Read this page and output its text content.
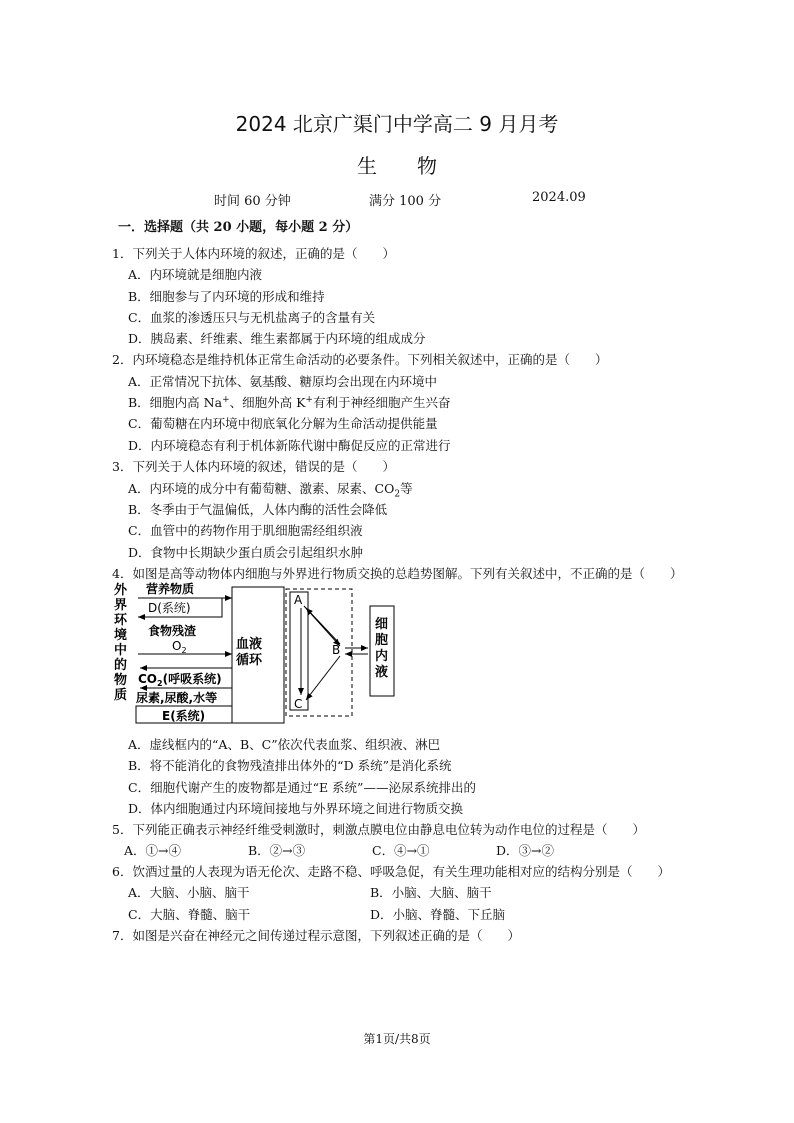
2024 北京广渠门中学高二 9 月月考
生物
时间 60 分钟	满分 100 分	2024.09
一．选择题（共 20 小题，每小题 2 分）
1．下列关于人体内环境的叙述，正确的是（　　）
A．内环境就是细胞内液
B．细胞参与了内环境的形成和维持
C．血浆的渗透压只与无机盐离子的含量有关
D．胰岛素、纤维素、维生素都属于内环境的组成成分
2．内环境稳态是维持机体正常生命活动的必要条件。下列相关叙述中，正确的是（　　）
A．正常情况下抗体、氨基酸、糖原均会出现在内环境中
B．细胞内高 Na+、细胞外高 K+有利于神经细胞产生兴奋
C．葡萄糖在内环境中彻底氧化分解为生命活动提供能量
D．内环境稳态有利于机体新陈代谢中酶促反应的正常进行
3．下列关于人体内环境的叙述，错误的是（　　）
A．内环境的成分中有葡萄糖、激素、尿素、$CO_2$等
B．冬季由于气温偏低，人体内酶的活性会降低
C．血管中的药物作用于肌细胞需经组织液
D．食物中长期缺少蛋白质会引起组织水肿
4．如图是高等动物体内细胞与外界进行物质交换的总趋势图解。下列有关叙述中，不正确的是（　　）
外
界
环
境
中
的
物
质
营养物质
D(系统)
食物残渣
$O_2$
$CO_2$(呼吸系统)
尿素,尿酸,水等
E(系统)
血液
循环
A
C
B
细
胞
内
液
A．虚线框内的“A、B、C”依次代表血浆、组织液、淋巴
B．将不能消化的食物残渣排出体外的“D 系统”是消化系统
C．细胞代谢产生的废物都是通过“E 系统”——泌尿系统排出的
D．体内细胞通过内环境间接地与外界环境之间进行物质交换
5．下列能正确表示神经纤维受刺激时，刺激点膜电位由静息电位转为动作电位的过程是（　　）
A．①→④	B．②→③	C．④→①	D．③→②
6．饮酒过量的人表现为语无伦次、走路不稳、呼吸急促，有关生理功能相对应的结构分别是（　　）
A．大脑、小脑、脑干	B．小脑、大脑、脑干
C．大脑、脊髓、脑干	D．小脑、脊髓、下丘脑
7．如图是兴奋在神经元之间传递过程示意图，下列叙述正确的是（　　）
第1页/共8页
